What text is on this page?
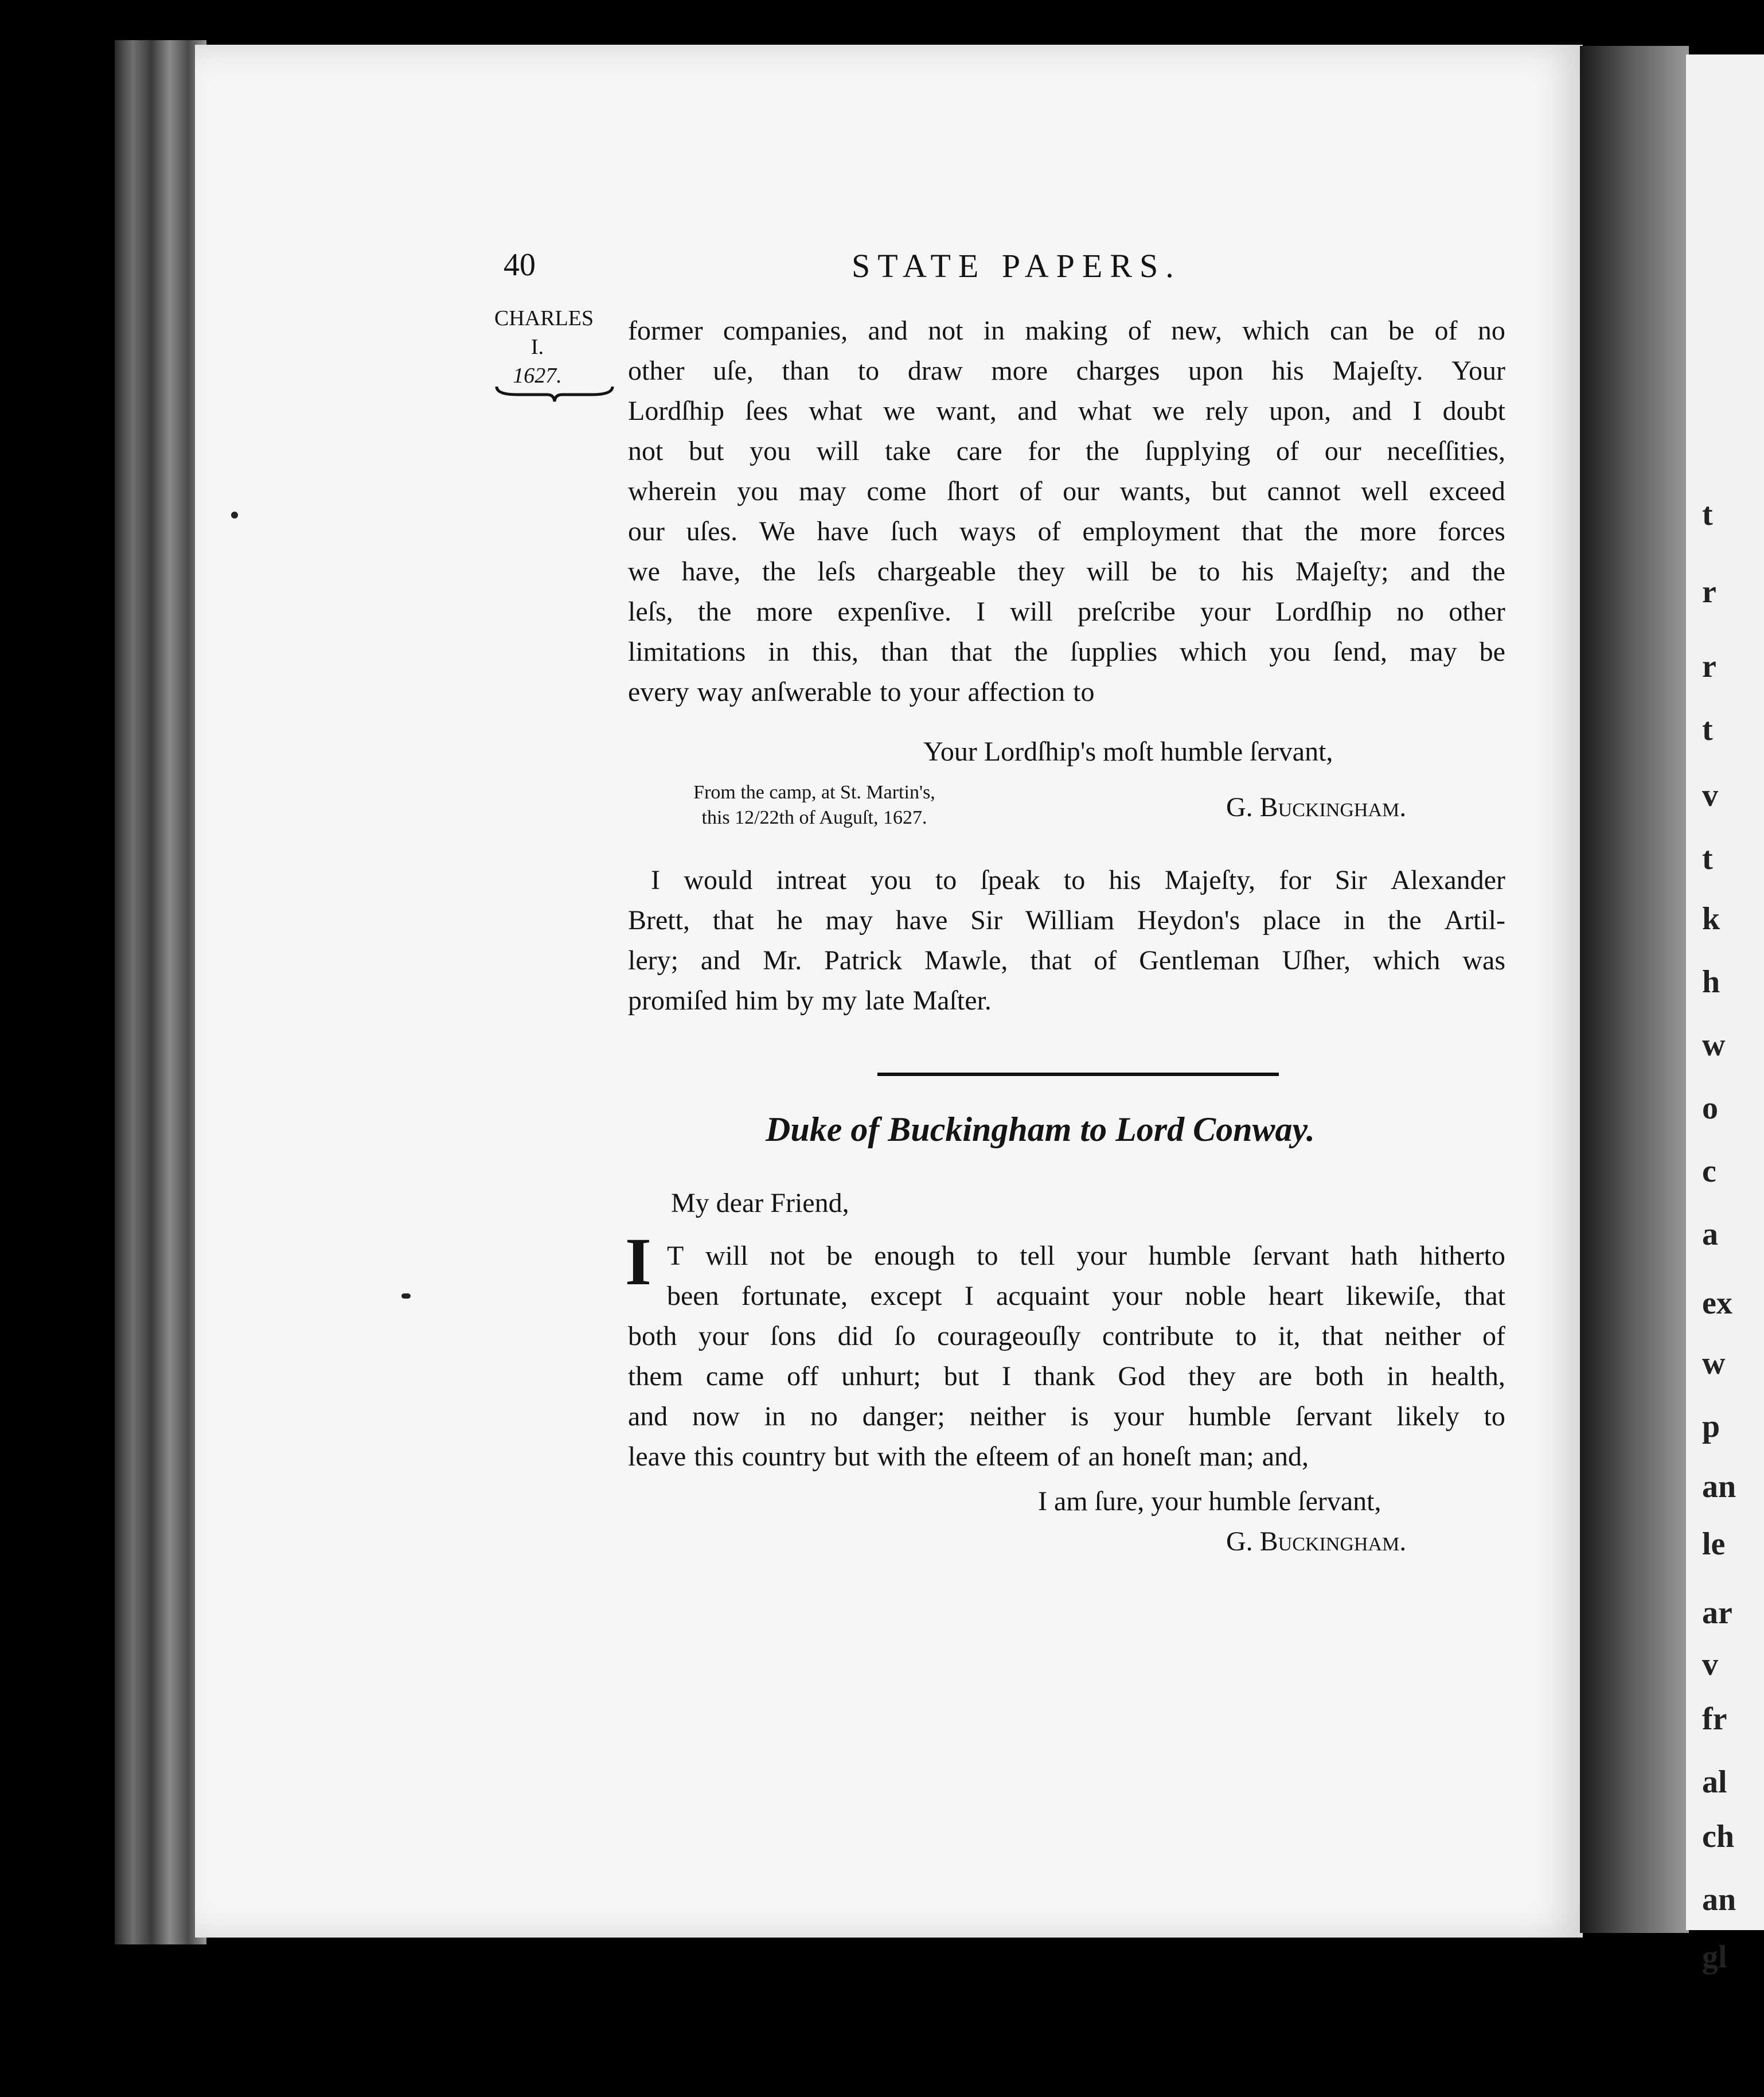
t
r
r
t
v
t
k
h
w
o
c
a
ex
w
p
an
le
ar
v
fr
al
ch
an
gl
40	STATE PAPERS.
CHARLES
I.
1627.
former companies, and not in making of new, which can be of no
other uſe, than to draw more charges upon his Majeſty. Your
Lordſhip ſees what we want, and what we rely upon, and I doubt
not but you will take care for the ſupplying of our neceſſities,
wherein you may come ſhort of our wants, but cannot well exceed
our uſes. We have ſuch ways of employment that the more forces
we have, the leſs chargeable they will be to his Majeſty; and the
leſs, the more expenſive. I will preſcribe your Lordſhip no other
limitations in this, than that the ſupplies which you ſend, may be
every way anſwerable to your affection to
Your Lordſhip's moſt humble ſervant,
From the camp, at St. Martin's,
this 12/22th of Auguſt, 1627.	G. Buckingham.
I would intreat you to ſpeak to his Majeſty, for Sir Alexander
Brett, that he may have Sir William Heydon's place in the Artil-
lery; and Mr. Patrick Mawle, that of Gentleman Uſher, which was
promiſed him by my late Maſter.
Duke of Buckingham to Lord Conway.
My dear Friend,
I T will not be enough to tell your humble ſervant hath hitherto
been fortunate, except I acquaint your noble heart likewiſe, that
both your ſons did ſo courageouſly contribute to it, that neither of
them came off unhurt; but I thank God they are both in health,
and now in no danger; neither is your humble ſervant likely to
leave this country but with the eſteem of an honeſt man; and,
I am ſure, your humble ſervant,
G. Buckingham.
